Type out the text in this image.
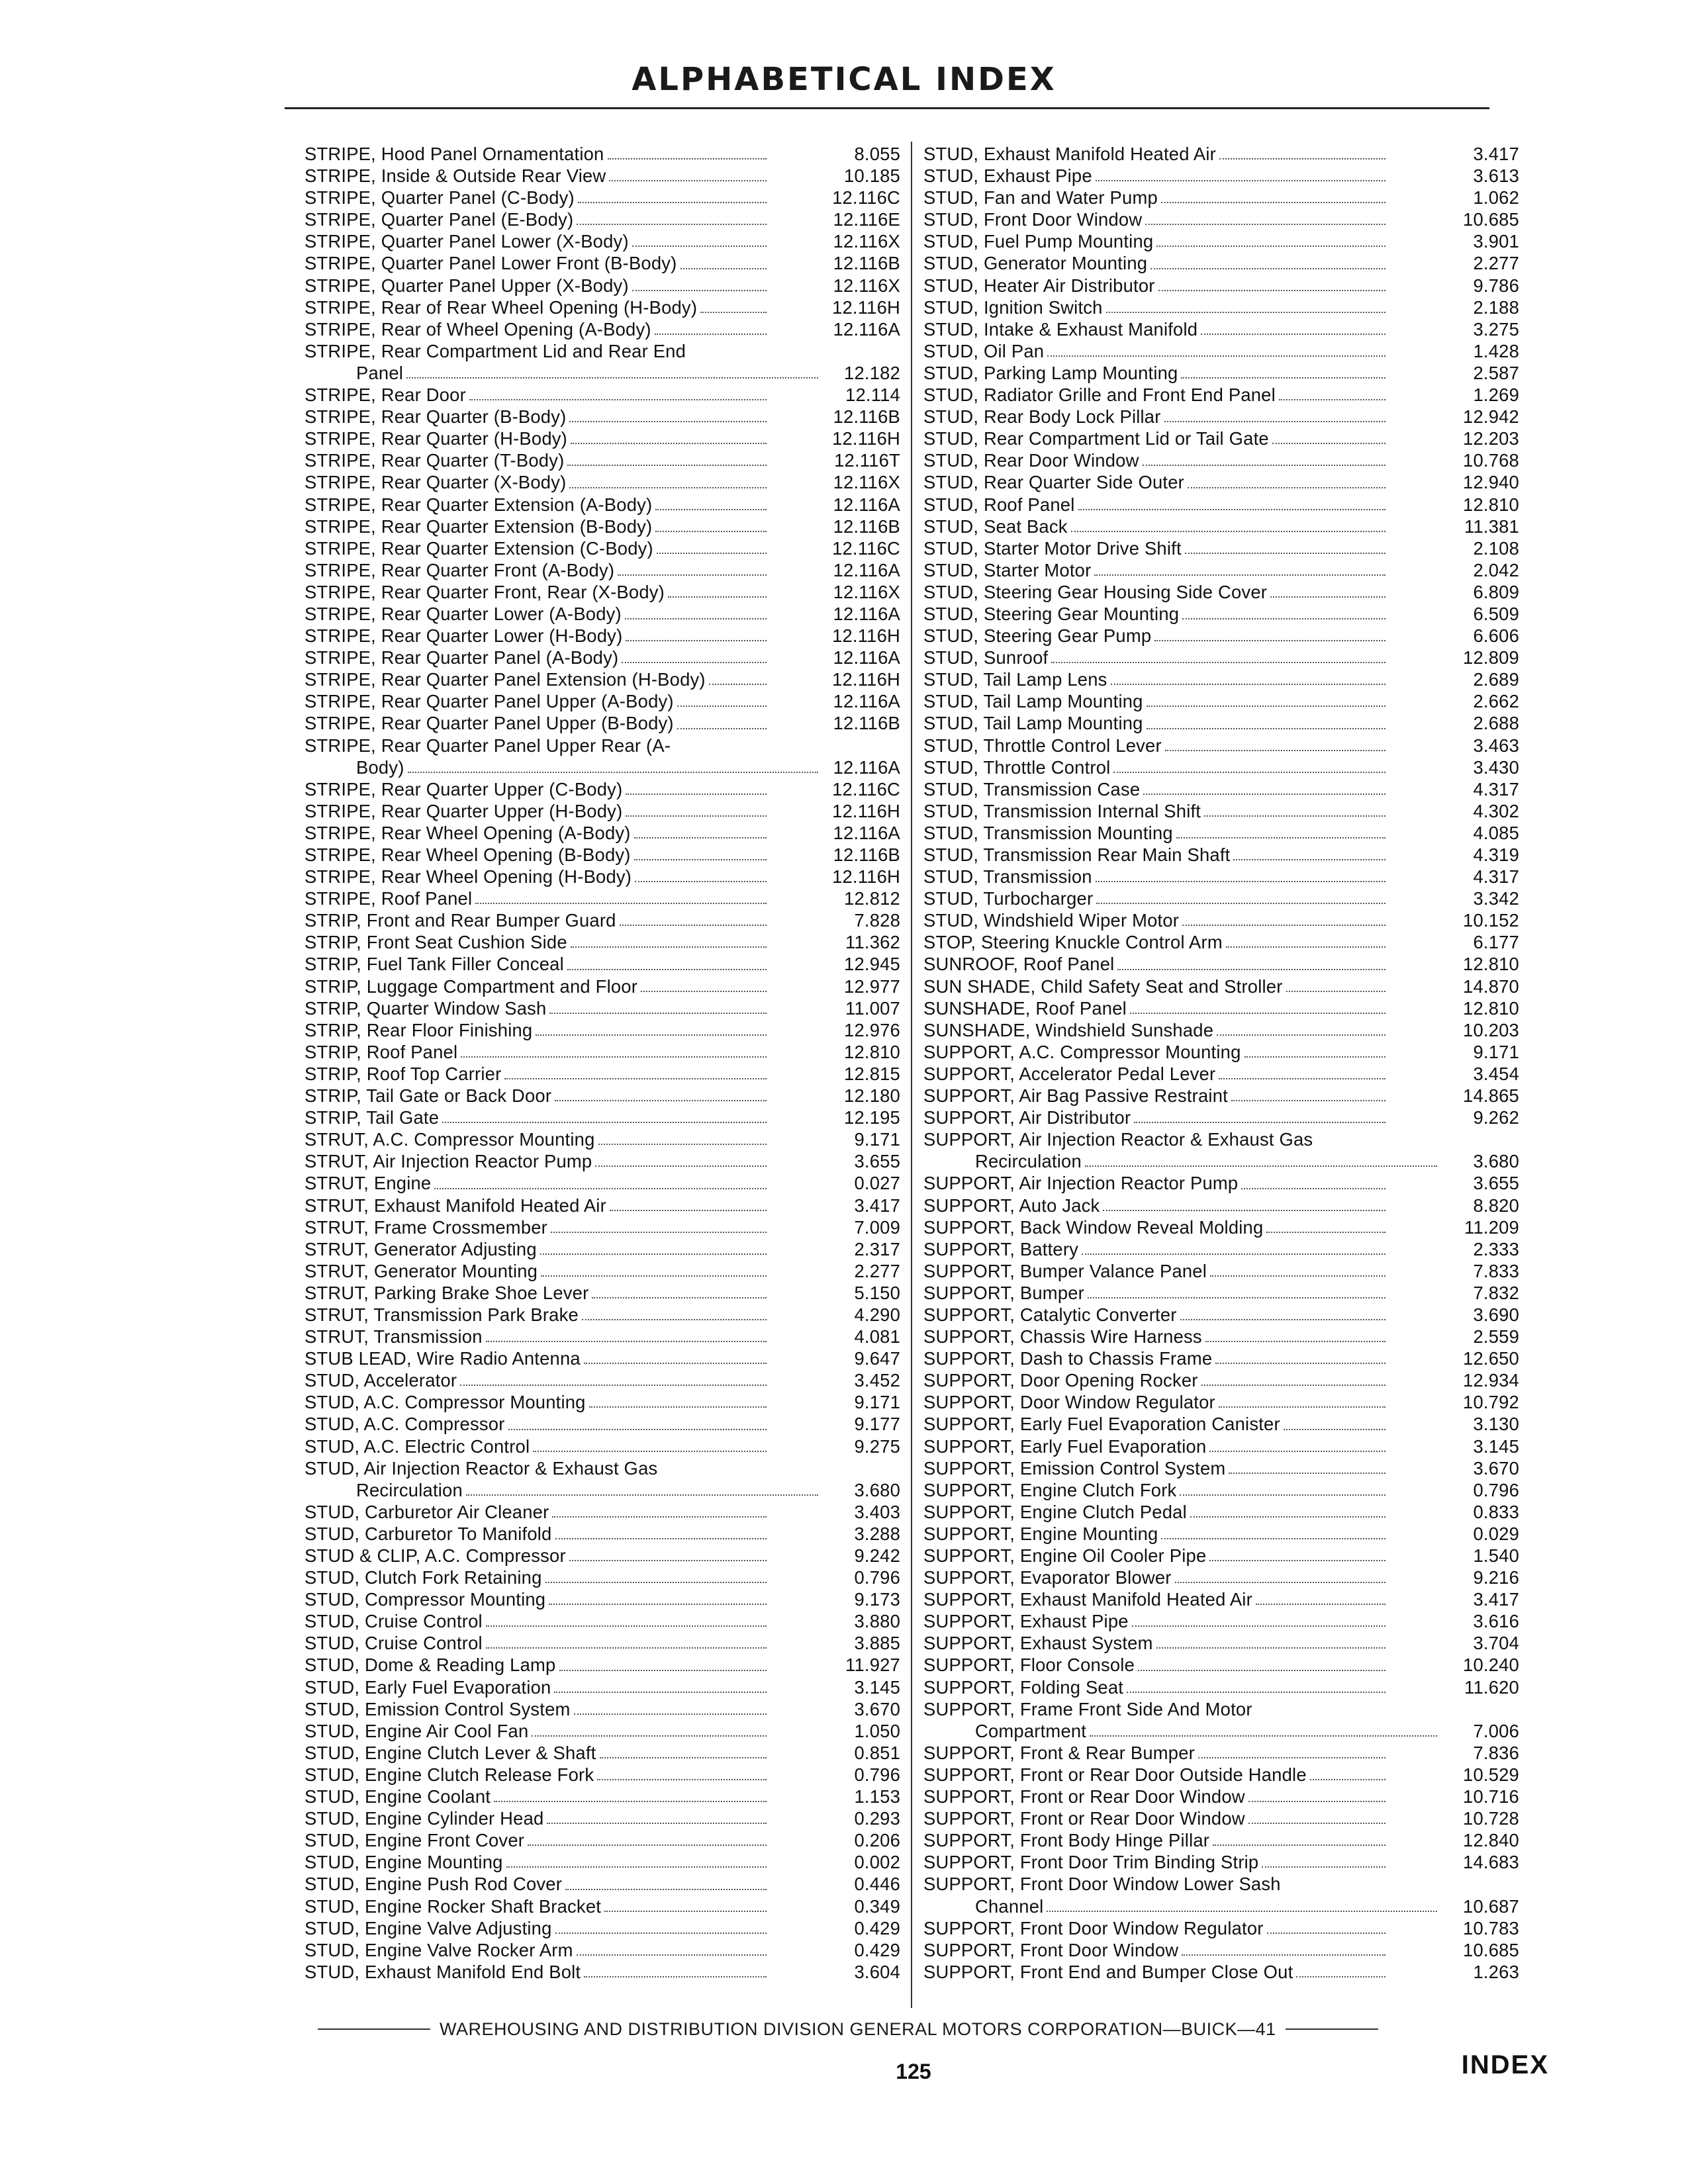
ALPHABETICAL INDEX
STRIPE, Hood Panel Ornamentation	8.055
STRIPE, Inside & Outside Rear View	10.185
STRIPE, Quarter Panel (C-Body)	12.116C
STRIPE, Quarter Panel (E-Body)	12.116E
STRIPE, Quarter Panel Lower (X-Body)	12.116X
STRIPE, Quarter Panel Lower Front (B-Body)	12.116B
STRIPE, Quarter Panel Upper (X-Body)	12.116X
STRIPE, Rear of Rear Wheel Opening (H-Body)	12.116H
STRIPE, Rear of Wheel Opening (A-Body)	12.116A
STRIPE, Rear Compartment Lid and Rear End
Panel	12.182
STRIPE, Rear Door	12.114
STRIPE, Rear Quarter (B-Body)	12.116B
STRIPE, Rear Quarter (H-Body)	12.116H
STRIPE, Rear Quarter (T-Body)	12.116T
STRIPE, Rear Quarter (X-Body)	12.116X
STRIPE, Rear Quarter Extension (A-Body)	12.116A
STRIPE, Rear Quarter Extension (B-Body)	12.116B
STRIPE, Rear Quarter Extension (C-Body)	12.116C
STRIPE, Rear Quarter Front (A-Body)	12.116A
STRIPE, Rear Quarter Front, Rear (X-Body)	12.116X
STRIPE, Rear Quarter Lower (A-Body)	12.116A
STRIPE, Rear Quarter Lower (H-Body)	12.116H
STRIPE, Rear Quarter Panel (A-Body)	12.116A
STRIPE, Rear Quarter Panel Extension (H-Body)	12.116H
STRIPE, Rear Quarter Panel Upper (A-Body)	12.116A
STRIPE, Rear Quarter Panel Upper (B-Body)	12.116B
STRIPE, Rear Quarter Panel Upper Rear (A-
Body)	12.116A
STRIPE, Rear Quarter Upper (C-Body)	12.116C
STRIPE, Rear Quarter Upper (H-Body)	12.116H
STRIPE, Rear Wheel Opening (A-Body)	12.116A
STRIPE, Rear Wheel Opening (B-Body)	12.116B
STRIPE, Rear Wheel Opening (H-Body)	12.116H
STRIPE, Roof Panel	12.812
STRIP, Front and Rear Bumper Guard	7.828
STRIP, Front Seat Cushion Side	11.362
STRIP, Fuel Tank Filler Conceal	12.945
STRIP, Luggage Compartment and Floor	12.977
STRIP, Quarter Window Sash	11.007
STRIP, Rear Floor Finishing	12.976
STRIP, Roof Panel	12.810
STRIP, Roof Top Carrier	12.815
STRIP, Tail Gate or Back Door	12.180
STRIP, Tail Gate	12.195
STRUT, A.C. Compressor Mounting	9.171
STRUT, Air Injection Reactor Pump	3.655
STRUT, Engine	0.027
STRUT, Exhaust Manifold Heated Air	3.417
STRUT, Frame Crossmember	7.009
STRUT, Generator Adjusting	2.317
STRUT, Generator Mounting	2.277
STRUT, Parking Brake Shoe Lever	5.150
STRUT, Transmission Park Brake	4.290
STRUT, Transmission	4.081
STUB LEAD, Wire Radio Antenna	9.647
STUD, Accelerator	3.452
STUD, A.C. Compressor Mounting	9.171
STUD, A.C. Compressor	9.177
STUD, A.C. Electric Control	9.275
STUD, Air Injection Reactor & Exhaust Gas
Recirculation	3.680
STUD, Carburetor Air Cleaner	3.403
STUD, Carburetor To Manifold	3.288
STUD & CLIP, A.C. Compressor	9.242
STUD, Clutch Fork Retaining	0.796
STUD, Compressor Mounting	9.173
STUD, Cruise Control	3.880
STUD, Cruise Control	3.885
STUD, Dome & Reading Lamp	11.927
STUD, Early Fuel Evaporation	3.145
STUD, Emission Control System	3.670
STUD, Engine Air Cool Fan	1.050
STUD, Engine Clutch Lever & Shaft	0.851
STUD, Engine Clutch Release Fork	0.796
STUD, Engine Coolant	1.153
STUD, Engine Cylinder Head	0.293
STUD, Engine Front Cover	0.206
STUD, Engine Mounting	0.002
STUD, Engine Push Rod Cover	0.446
STUD, Engine Rocker Shaft Bracket	0.349
STUD, Engine Valve Adjusting	0.429
STUD, Engine Valve Rocker Arm	0.429
STUD, Exhaust Manifold End Bolt	3.604
STUD, Exhaust Manifold Heated Air	3.417
STUD, Exhaust Pipe	3.613
STUD, Fan and Water Pump	1.062
STUD, Front Door Window	10.685
STUD, Fuel Pump Mounting	3.901
STUD, Generator Mounting	2.277
STUD, Heater Air Distributor	9.786
STUD, Ignition Switch	2.188
STUD, Intake & Exhaust Manifold	3.275
STUD, Oil Pan	1.428
STUD, Parking Lamp Mounting	2.587
STUD, Radiator Grille and Front End Panel	1.269
STUD, Rear Body Lock Pillar	12.942
STUD, Rear Compartment Lid or Tail Gate	12.203
STUD, Rear Door Window	10.768
STUD, Rear Quarter Side Outer	12.940
STUD, Roof Panel	12.810
STUD, Seat Back	11.381
STUD, Starter Motor Drive Shift	2.108
STUD, Starter Motor	2.042
STUD, Steering Gear Housing Side Cover	6.809
STUD, Steering Gear Mounting	6.509
STUD, Steering Gear Pump	6.606
STUD, Sunroof	12.809
STUD, Tail Lamp Lens	2.689
STUD, Tail Lamp Mounting	2.662
STUD, Tail Lamp Mounting	2.688
STUD, Throttle Control Lever	3.463
STUD, Throttle Control	3.430
STUD, Transmission Case	4.317
STUD, Transmission Internal Shift	4.302
STUD, Transmission Mounting	4.085
STUD, Transmission Rear Main Shaft	4.319
STUD, Transmission	4.317
STUD, Turbocharger	3.342
STUD, Windshield Wiper Motor	10.152
STOP, Steering Knuckle Control Arm	6.177
SUNROOF, Roof Panel	12.810
SUN SHADE, Child Safety Seat and Stroller	14.870
SUNSHADE, Roof Panel	12.810
SUNSHADE, Windshield Sunshade	10.203
SUPPORT, A.C. Compressor Mounting	9.171
SUPPORT, Accelerator Pedal Lever	3.454
SUPPORT, Air Bag Passive Restraint	14.865
SUPPORT, Air Distributor	9.262
SUPPORT, Air Injection Reactor & Exhaust Gas
Recirculation	3.680
SUPPORT, Air Injection Reactor Pump	3.655
SUPPORT, Auto Jack	8.820
SUPPORT, Back Window Reveal Molding	11.209
SUPPORT, Battery	2.333
SUPPORT, Bumper Valance Panel	7.833
SUPPORT, Bumper	7.832
SUPPORT, Catalytic Converter	3.690
SUPPORT, Chassis Wire Harness	2.559
SUPPORT, Dash to Chassis Frame	12.650
SUPPORT, Door Opening Rocker	12.934
SUPPORT, Door Window Regulator	10.792
SUPPORT, Early Fuel Evaporation Canister	3.130
SUPPORT, Early Fuel Evaporation	3.145
SUPPORT, Emission Control System	3.670
SUPPORT, Engine Clutch Fork	0.796
SUPPORT, Engine Clutch Pedal	0.833
SUPPORT, Engine Mounting	0.029
SUPPORT, Engine Oil Cooler Pipe	1.540
SUPPORT, Evaporator Blower	9.216
SUPPORT, Exhaust Manifold Heated Air	3.417
SUPPORT, Exhaust Pipe	3.616
SUPPORT, Exhaust System	3.704
SUPPORT, Floor Console	10.240
SUPPORT, Folding Seat	11.620
SUPPORT, Frame Front Side And Motor
Compartment	7.006
SUPPORT, Front & Rear Bumper	7.836
SUPPORT, Front or Rear Door Outside Handle	10.529
SUPPORT, Front or Rear Door Window	10.716
SUPPORT, Front or Rear Door Window	10.728
SUPPORT, Front Body Hinge Pillar	12.840
SUPPORT, Front Door Trim Binding Strip	14.683
SUPPORT, Front Door Window Lower Sash
Channel	10.687
SUPPORT, Front Door Window Regulator	10.783
SUPPORT, Front Door Window	10.685
SUPPORT, Front End and Bumper Close Out	1.263
WAREHOUSING AND DISTRIBUTION DIVISION GENERAL MOTORS CORPORATION—BUICK—41
125	INDEX
